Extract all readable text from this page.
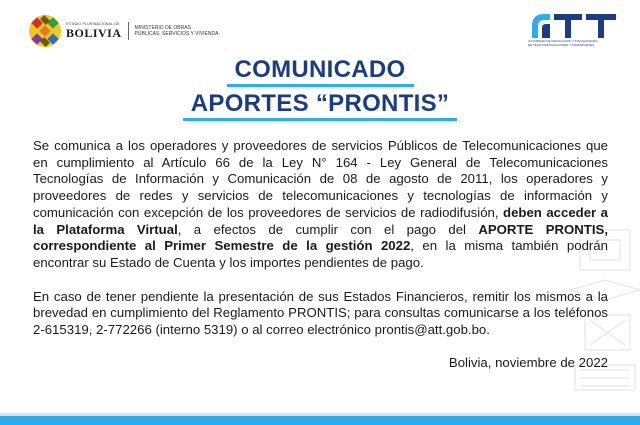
ESTADO PLURINACIONAL DE
BOLIVIA	MINISTERIO DE OBRAS
PÚBLICAS, SERVICIOS Y VIVIENDA
AUTORIDAD DE REGULACIÓN Y FISCALIZACIÓN
DE TELECOMUNICACIONES Y TRANSPORTES
COMUNICADO
APORTES “PRONTIS”

Se comunica a los operadores y proveedores de servicios Públicos de Telecomunicaciones que en cumplimiento al Artículo 66 de la Ley N° 164 - Ley General de Telecomunicaciones Tecnologías de Información y Comunicación de 08 de agosto de 2011, los operadores y proveedores de redes y servicios de telecomunicaciones y tecnologías de información y comunicación con excepción de los proveedores de servicios de radiodifusión, deben acceder a la Plataforma Virtual, a efectos de cumplir con el pago del APORTE PRONTIS, correspondiente al Primer Semestre de la gestión 2022, en la misma también podrán encontrar su Estado de Cuenta y los importes pendientes de pago.

En caso de tener pendiente la presentación de sus Estados Financieros, remitir los mismos a la brevedad en cumplimiento del Reglamento PRONTIS; para consultas comunicarse a los teléfonos 2-615319, 2-772266 (interno 5319) o al correo electrónico prontis@att.gob.bo.

Bolivia, noviembre de 2022
